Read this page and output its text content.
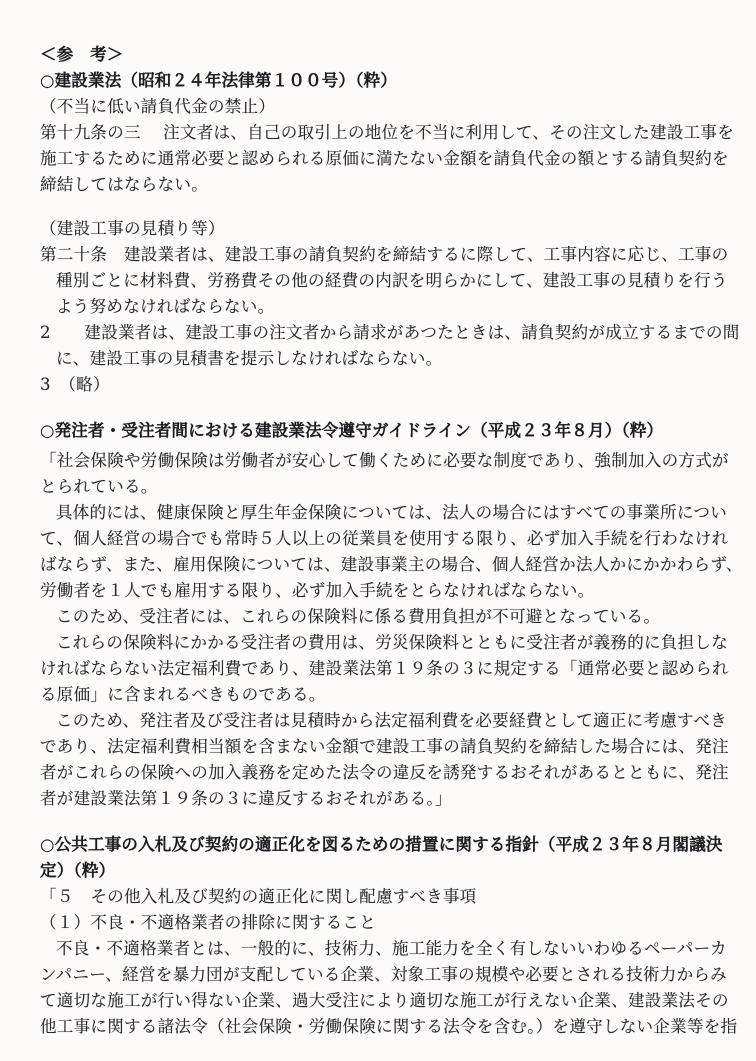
＜参　考＞
○建設業法（昭和２４年法律第１００号）（粋）
（不当に低い請負代金の禁止）
第十九条の三　 注文者は、自己の取引上の地位を不当に利用して、その注文した建設工事を
施工するために通常必要と認められる原価に満たない金額を請負代金の額とする請負契約を
締結してはならない。
（建設工事の見積り等）
第二十条　建設業者は、建設工事の請負契約を締結するに際して、工事内容に応じ、工事の
種別ごとに材料費、労務費その他の経費の内訳を明らかにして、建設工事の見積りを行う
よう努めなければならない。
2　　建設業者は、建設工事の注文者から請求があつたときは、請負契約が成立するまでの間
に、建設工事の見積書を提示しなければならない。
3　（略）
○発注者・受注者間における建設業法令遵守ガイドライン（平成２３年８月）（粋）
「社会保険や労働保険は労働者が安心して働くために必要な制度であり、強制加入の方式が
とられている。
具体的には、健康保険と厚生年金保険については、法人の場合にはすべての事業所につい
て、個人経営の場合でも常時５人以上の従業員を使用する限り、必ず加入手続を行わなけれ
ばならず、また、雇用保険については、建設事業主の場合、個人経営か法人かにかかわらず、
労働者を１人でも雇用する限り、必ず加入手続をとらなければならない。
このため、受注者には、これらの保険料に係る費用負担が不可避となっている。
これらの保険料にかかる受注者の費用は、労災保険料とともに受注者が義務的に負担しな
ければならない法定福利費であり、建設業法第１９条の３に規定する「通常必要と認められ
る原価」に含まれるべきものである。
このため、発注者及び受注者は見積時から法定福利費を必要経費として適正に考慮すべき
であり、法定福利費相当額を含まない金額で建設工事の請負契約を締結した場合には、発注
者がこれらの保険への加入義務を定めた法令の違反を誘発するおそれがあるとともに、発注
者が建設業法第１９条の３に違反するおそれがある。」
○公共工事の入札及び契約の適正化を図るための措置に関する指針（平成２３年８月閣議決
定）（粋）
「５　その他入札及び契約の適正化に関し配慮すべき事項
（１）不良・不適格業者の排除に関すること
不良・不適格業者とは、一般的に、技術力、施工能力を全く有しないいわゆるペーパーカ
ンパニー、経営を暴力団が支配している企業、対象工事の規模や必要とされる技術力からみ
て適切な施工が行い得ない企業、過大受注により適切な施工が行えない企業、建設業法その
他工事に関する諸法令（社会保険・労働保険に関する法令を含む。）を遵守しない企業等を指
